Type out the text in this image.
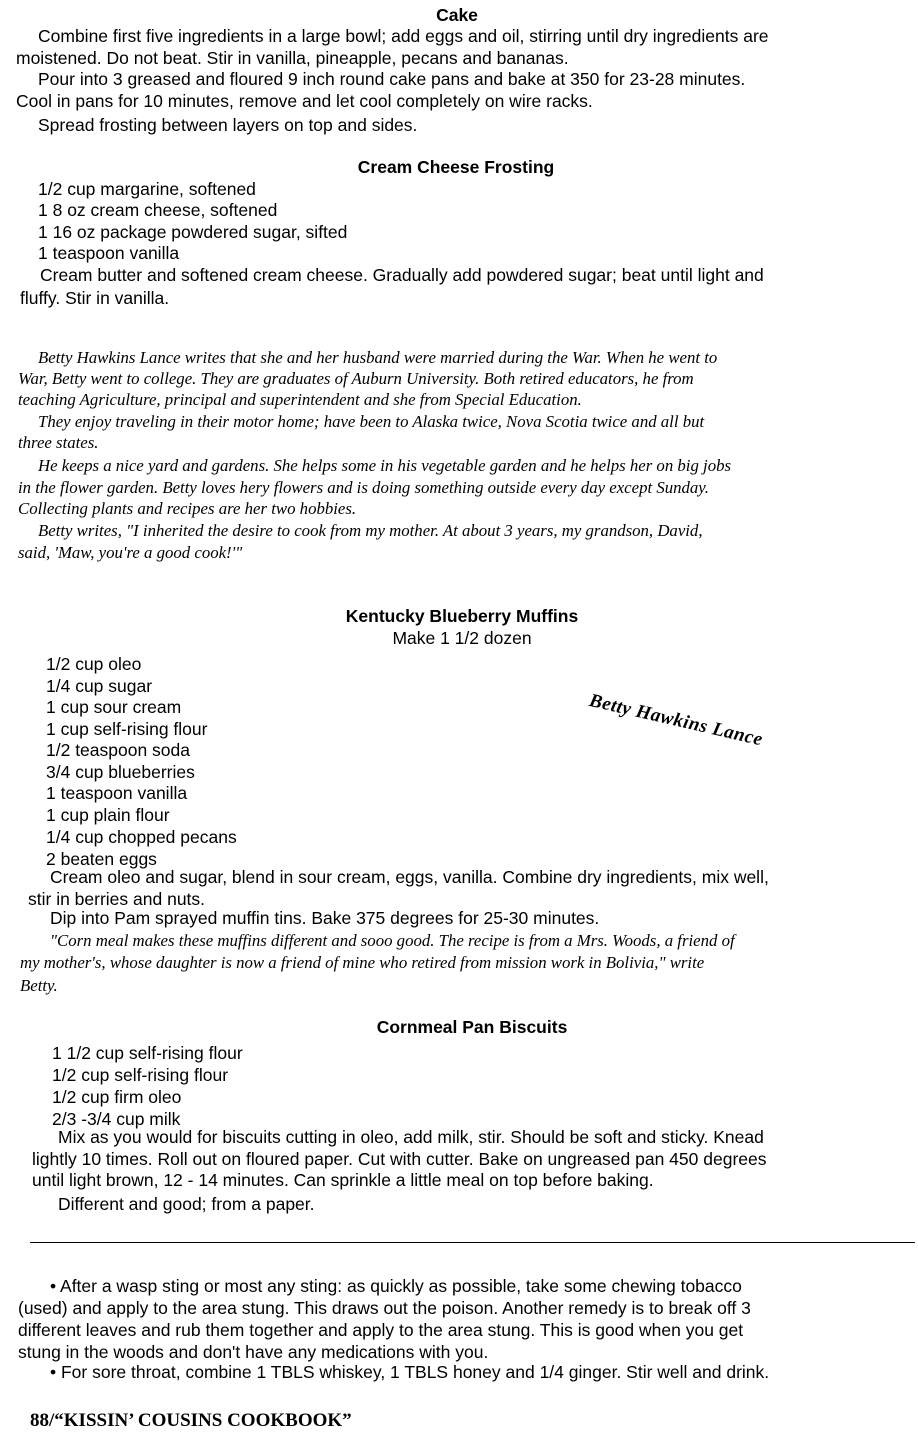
Betty Hawkins Lance
Cake
Combine first five ingredients in a large bowl; add eggs and oil, stirring until dry ingredients are
moistened. Do not beat. Stir in vanilla, pineapple, pecans and bananas.
Pour into 3 greased and floured 9 inch round cake pans and bake at 350 for 23-28 minutes.
Cool in pans for 10 minutes, remove and let cool completely on wire racks.
Spread frosting between layers on top and sides.
Cream Cheese Frosting
1/2 cup margarine, softened
1 8 oz cream cheese, softened
1 16 oz package powdered sugar, sifted
1 teaspoon vanilla
Cream butter and softened cream cheese. Gradually add powdered sugar; beat until light and
fluffy. Stir in vanilla.
Betty Hawkins Lance writes that she and her husband were married during the War. When he went to
War, Betty went to college. They are graduates of Auburn University. Both retired educators, he from
teaching Agriculture, principal and superintendent and she from Special Education.
They enjoy traveling in their motor home; have been to Alaska twice, Nova Scotia twice and all but
three states.
He keeps a nice yard and gardens. She helps some in his vegetable garden and he helps her on big jobs
in the flower garden. Betty loves hery flowers and is doing something outside every day except Sunday.
Collecting plants and recipes are her two hobbies.
Betty writes, "I inherited the desire to cook from my mother. At about 3 years, my grandson, David,
said, 'Maw, you're a good cook!'"
Kentucky Blueberry Muffins
Make 1 1/2 dozen
1/2 cup oleo
1/4 cup sugar
1 cup sour cream
1 cup self-rising flour
1/2 teaspoon soda
3/4 cup blueberries
1 teaspoon vanilla
1 cup plain flour
1/4 cup chopped pecans
2 beaten eggs
Cream oleo and sugar, blend in sour cream, eggs, vanilla. Combine dry ingredients, mix well,
stir in berries and nuts.
Dip into Pam sprayed muffin tins. Bake 375 degrees for 25-30 minutes.
"Corn meal makes these muffins different and sooo good. The recipe is from a Mrs. Woods, a friend of
my mother's, whose daughter is now a friend of mine who retired from mission work in Bolivia," write
Betty.
Cornmeal Pan Biscuits
1 1/2 cup self-rising flour
1/2 cup self-rising flour
1/2 cup firm oleo
2/3 -3/4 cup milk
Mix as you would for biscuits cutting in oleo, add milk, stir. Should be soft and sticky. Knead
lightly 10 times. Roll out on floured paper. Cut with cutter. Bake on ungreased pan 450 degrees
until light brown, 12 - 14 minutes. Can sprinkle a little meal on top before baking.
Different and good; from a paper.
• After a wasp sting or most any sting: as quickly as possible, take some chewing tobacco
(used) and apply to the area stung. This draws out the poison. Another remedy is to break off 3
different leaves and rub them together and apply to the area stung. This is good when you get
stung in the woods and don't have any medications with you.
• For sore throat, combine 1 TBLS whiskey, 1 TBLS honey and 1/4 ginger. Stir well and drink.
88/“KISSIN’ COUSINS COOKBOOK”
